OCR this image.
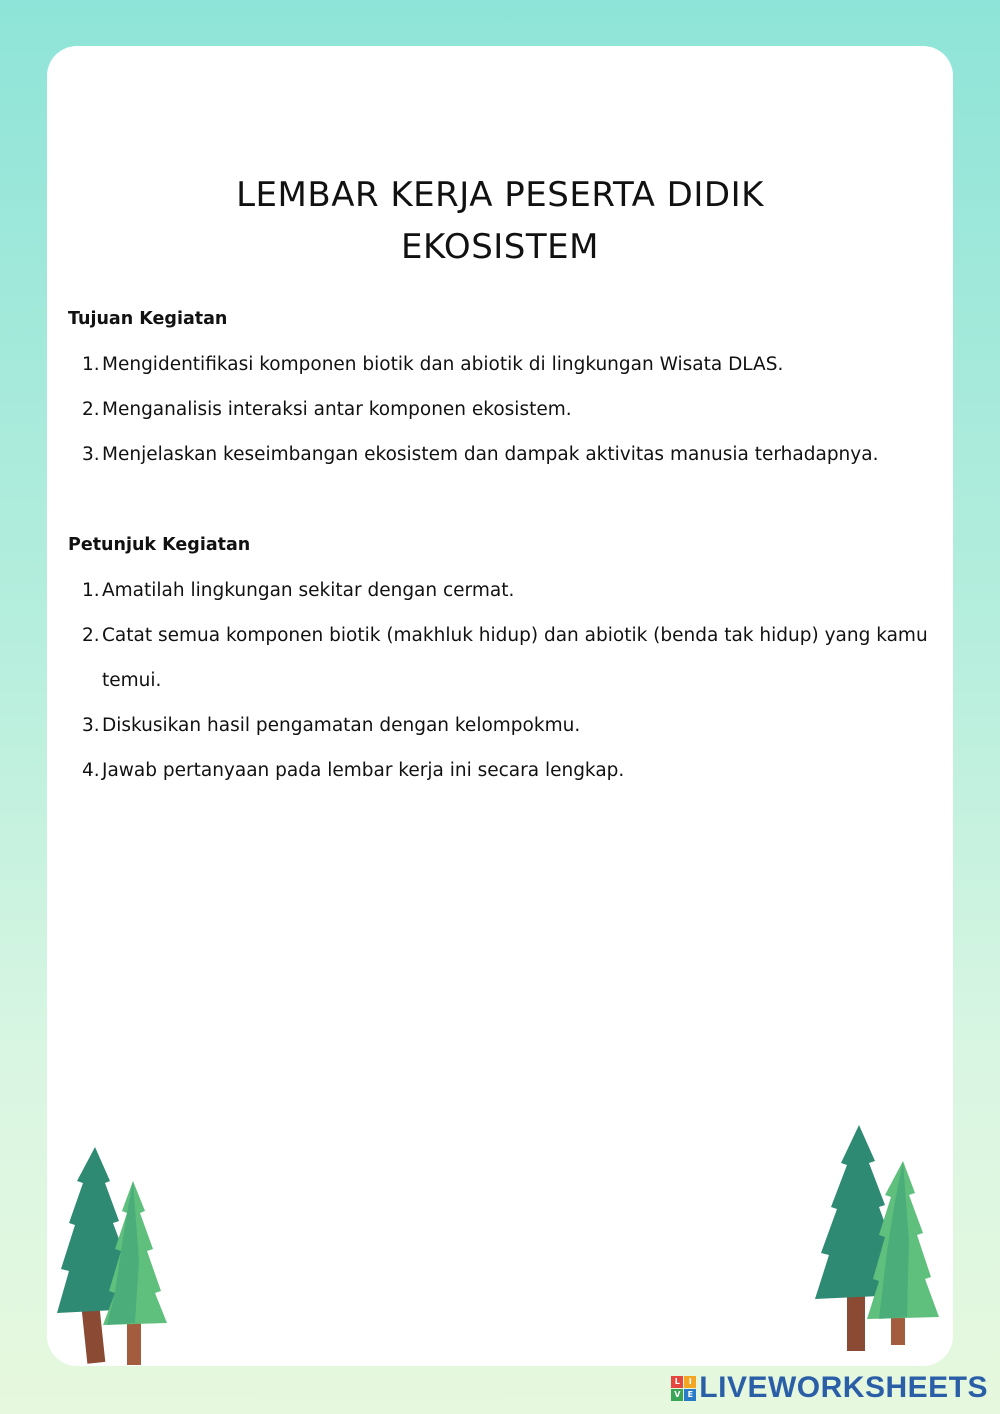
LEMBAR KERJA PESERTA DIDIK
EKOSISTEM
Tujuan Kegiatan
1. Mengidentifikasi komponen biotik dan abiotik di lingkungan Wisata DLAS.
2. Menganalisis interaksi antar komponen ekosistem.
3. Menjelaskan keseimbangan ekosistem dan dampak aktivitas manusia terhadapnya.
Petunjuk Kegiatan
1. Amatilah lingkungan sekitar dengan cermat.
2. Catat semua komponen biotik (makhluk hidup) dan abiotik (benda tak hidup) yang kamu temui.
3. Diskusikan hasil pengamatan dengan kelompokmu.
4. Jawab pertanyaan pada lembar kerja ini secara lengkap.
L	I
V E LIVEWORKSHEETS
